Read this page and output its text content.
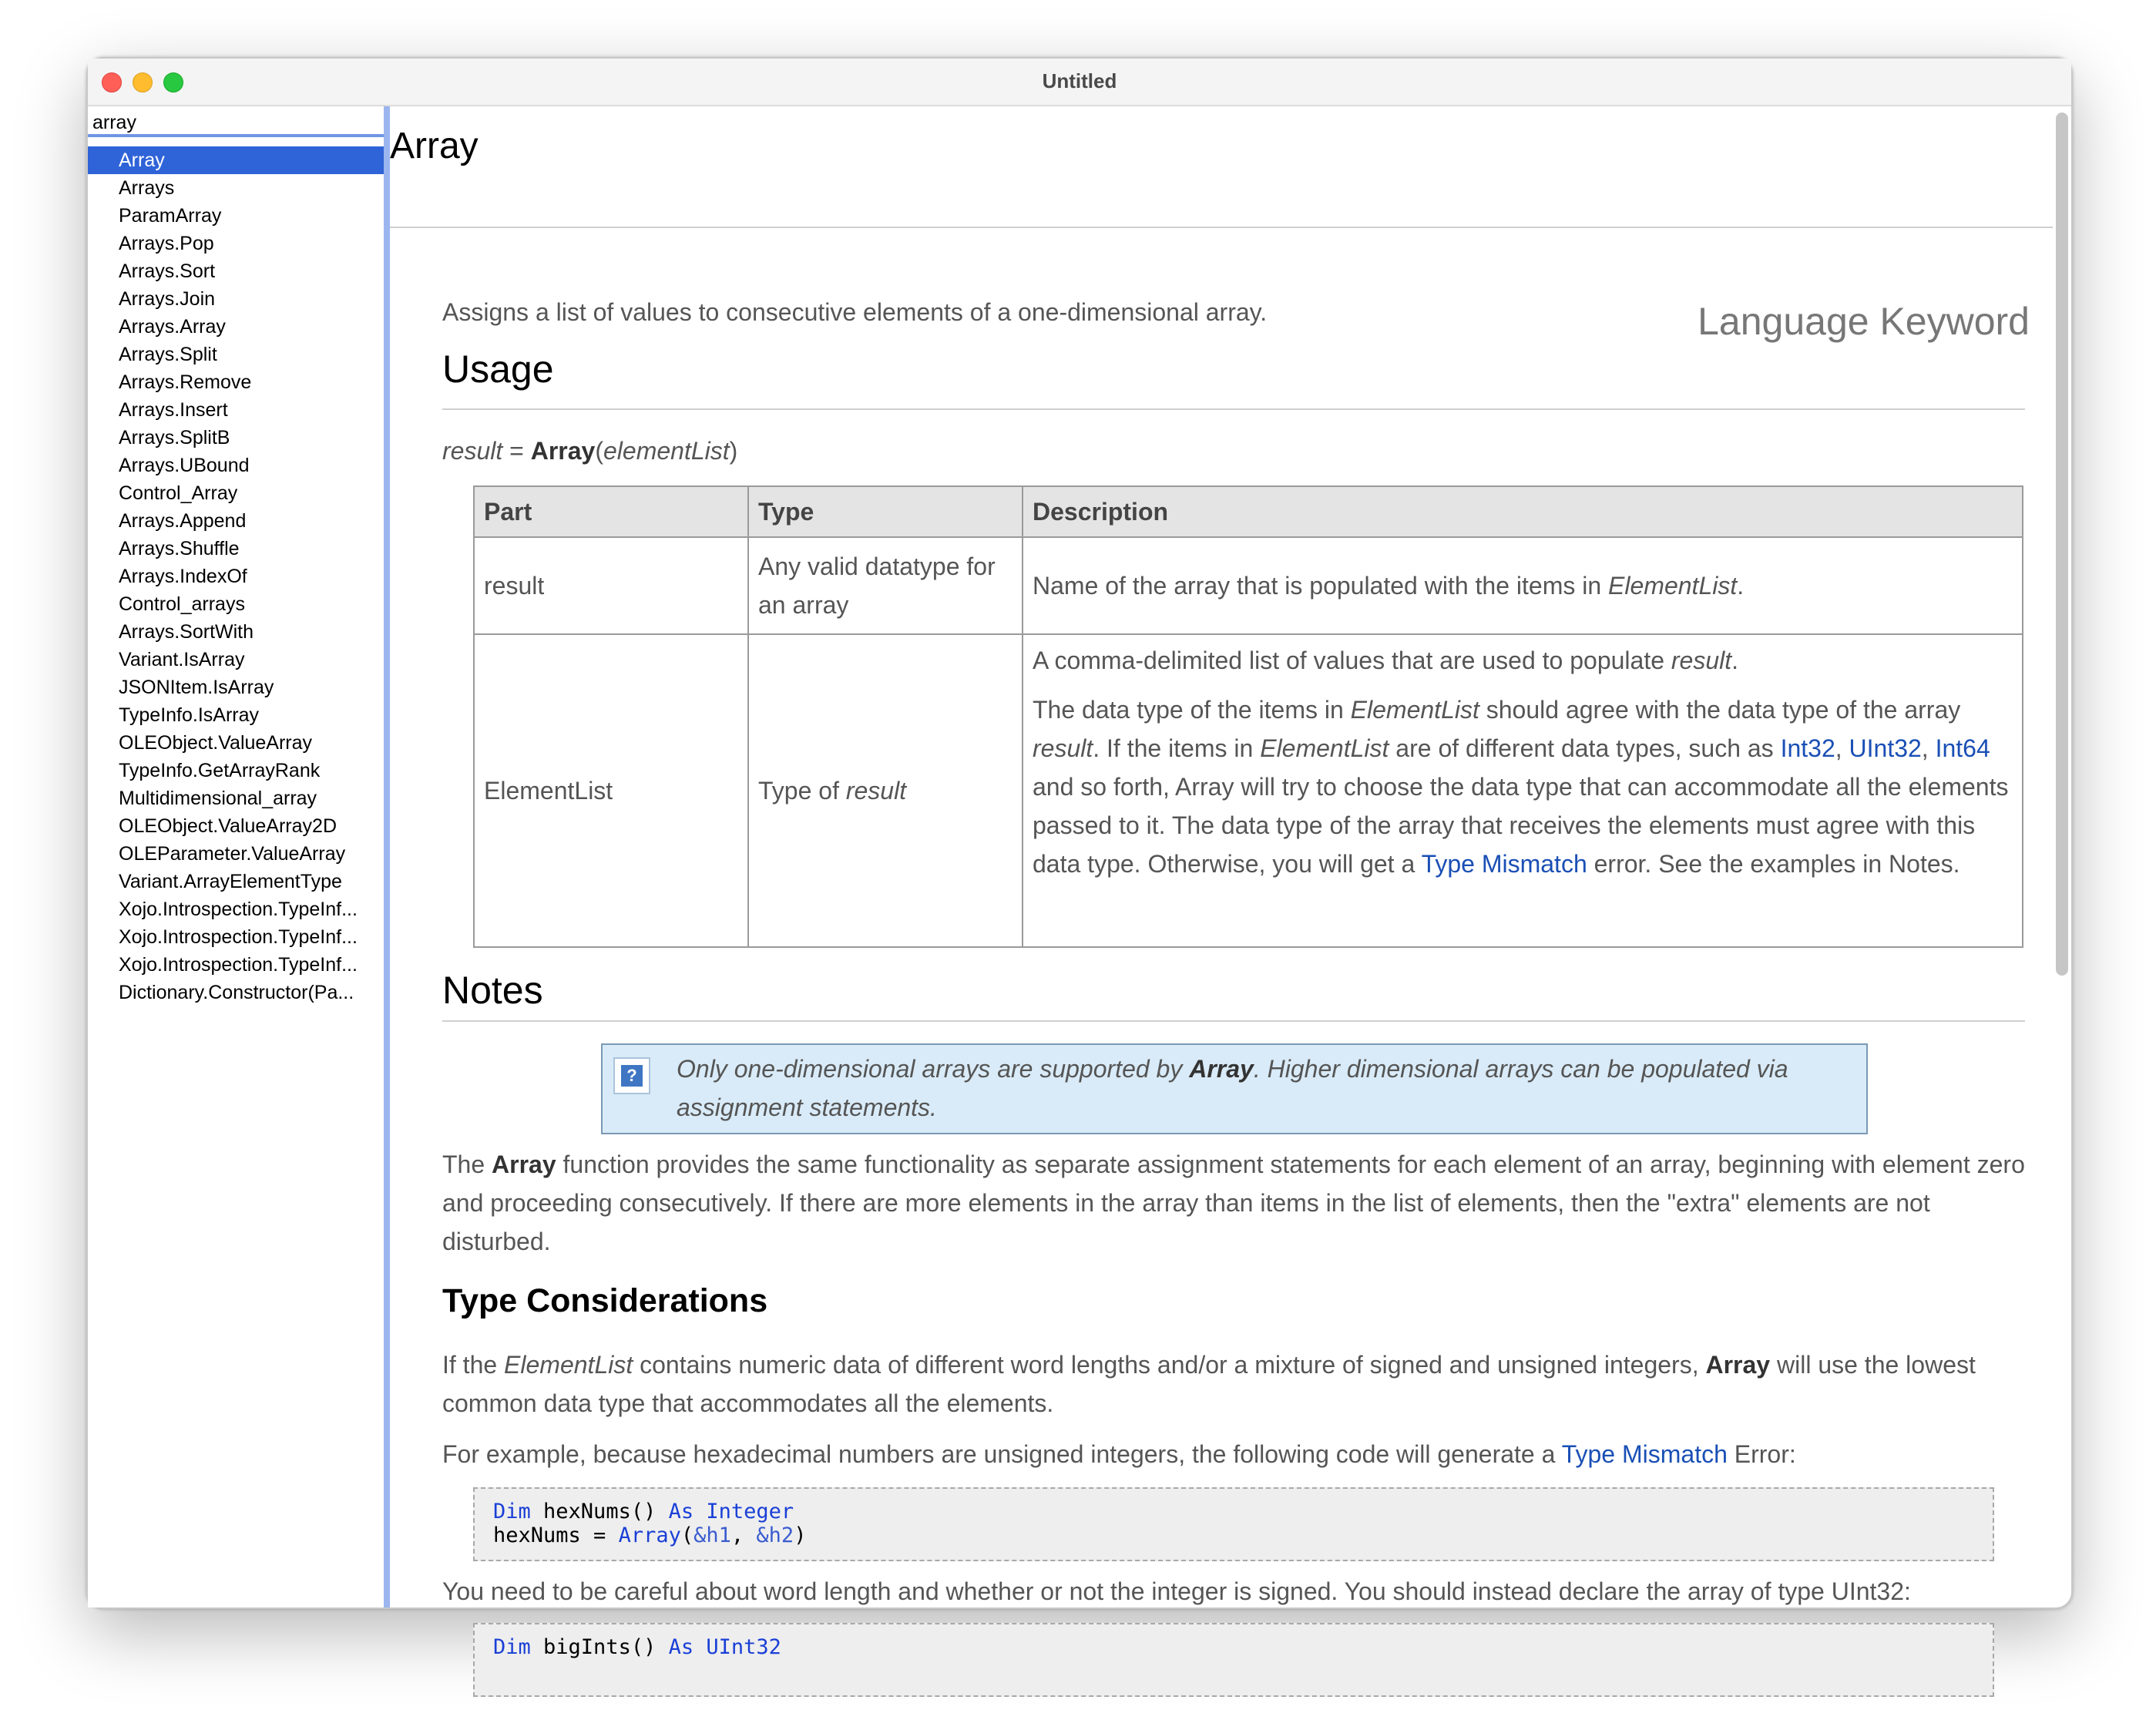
Untitled
array
Array
Arrays
ParamArray
Arrays.Pop
Arrays.Sort
Arrays.Join
Arrays.Array
Arrays.Split
Arrays.Remove
Arrays.Insert
Arrays.SplitB
Arrays.UBound
Control_Array
Arrays.Append
Arrays.Shuffle
Arrays.IndexOf
Control_arrays
Arrays.SortWith
Variant.IsArray
JSONItem.IsArray
TypeInfo.IsArray
OLEObject.ValueArray
TypeInfo.GetArrayRank
Multidimensional_array
OLEObject.ValueArray2D
OLEParameter.ValueArray
Variant.ArrayElementType
Xojo.Introspection.TypeInf...
Xojo.Introspection.TypeInf...
Xojo.Introspection.TypeInf...
Dictionary.Constructor(Pa...
Array
Assigns a list of values to consecutive elements of a one-dimensional array.	Language Keyword
Usage
result = Array(elementList)
Part	Type	Description
result	Any valid datatype for an array	Name of the array that is populated with the items in ElementList.
ElementList	Type of result	A comma-delimited list of values that are used to populate result.
The data type of the items in ElementList should agree with the data type of the array result. If the items in ElementList are of different data types, such as Int32, UInt32, Int64 and so forth, Array will try to choose the data type that can accommodate all the elements passed to it. The data type of the array that receives the elements must agree with this data type. Otherwise, you will get a Type Mismatch error. See the examples in Notes.
Notes
? Only one-dimensional arrays are supported by Array. Higher dimensional arrays can be populated via assignment statements.
The Array function provides the same functionality as separate assignment statements for each element of an array, beginning with element zero and proceeding consecutively. If there are more elements in the array than items in the list of elements, then the "extra" elements are not disturbed.
Type Considerations
If the ElementList contains numeric data of different word lengths and/or a mixture of signed and unsigned integers, Array will use the lowest common data type that accommodates all the elements.
For example, because hexadecimal numbers are unsigned integers, the following code will generate a Type Mismatch Error:
Dim hexNums() As Integer
hexNums = Array(&h1, &h2)
You need to be careful about word length and whether or not the integer is signed. You should instead declare the array of type UInt32:
Dim bigInts() As UInt32
